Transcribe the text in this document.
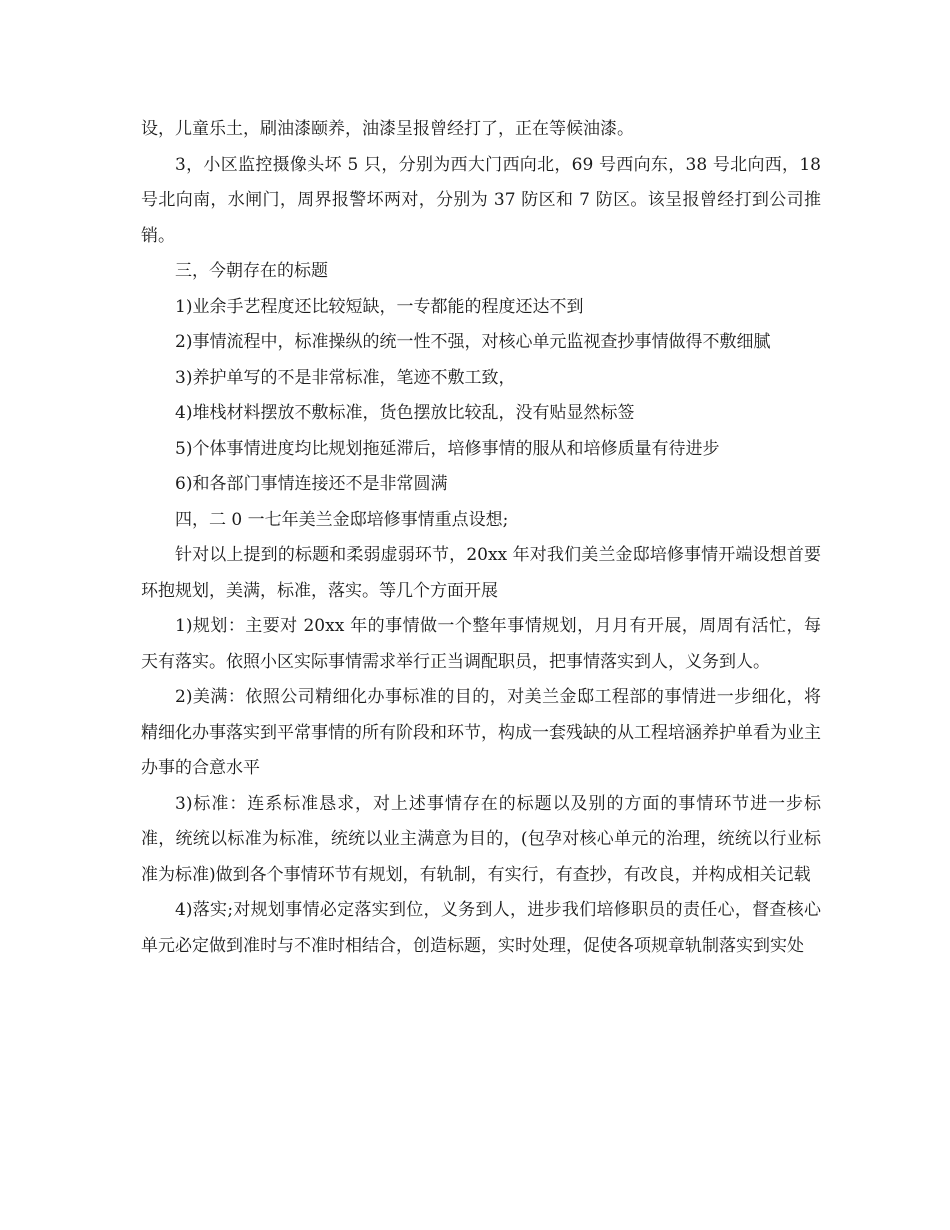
设，儿童乐土，刷油漆颐养，油漆呈报曾经打了，正在等候油漆。

3，小区监控摄像头坏 5 只，分别为西大门西向北，69 号西向东，38 号北向西，18 号北向南，水闸门，周界报警坏两对，分别为 37 防区和 7 防区。该呈报曾经打到公司推销。

三，今朝存在的标题

1)业余手艺程度还比较短缺，一专都能的程度还达不到

2)事情流程中，标准操纵的统一性不强，对核心单元监视查抄事情做得不敷细腻

3)养护单写的不是非常标准，笔迹不敷工致，

4)堆栈材料摆放不敷标准，货色摆放比较乱，没有贴显然标签

5)个体事情进度均比规划拖延滞后，培修事情的服从和培修质量有待进步

6)和各部门事情连接还不是非常圆满

四，二 0 一七年美兰金邸培修事情重点设想;

针对以上提到的标题和柔弱虚弱环节，20xx 年对我们美兰金邸培修事情开端设想首要环抱规划，美满，标准，落实。等几个方面开展

1)规划：主要对 20xx 年的事情做一个整年事情规划，月月有开展，周周有活忙，每天有落实。依照小区实际事情需求举行正当调配职员，把事情落实到人，义务到人。

2)美满：依照公司精细化办事标准的目的，对美兰金邸工程部的事情进一步细化，将精细化办事落实到平常事情的所有阶段和环节，构成一套残缺的从工程培涵养护单看为业主办事的合意水平

3)标准：连系标准恳求，对上述事情存在的标题以及别的方面的事情环节进一步标准，统统以标准为标准，统统以业主满意为目的，(包孕对核心单元的治理，统统以行业标准为标准)做到各个事情环节有规划，有轨制，有实行，有查抄，有改良，并构成相关记载

4)落实;对规划事情必定落实到位，义务到人，进步我们培修职员的责任心，督查核心单元必定做到准时与不准时相结合，创造标题，实时处理，促使各项规章轨制落实到实处
